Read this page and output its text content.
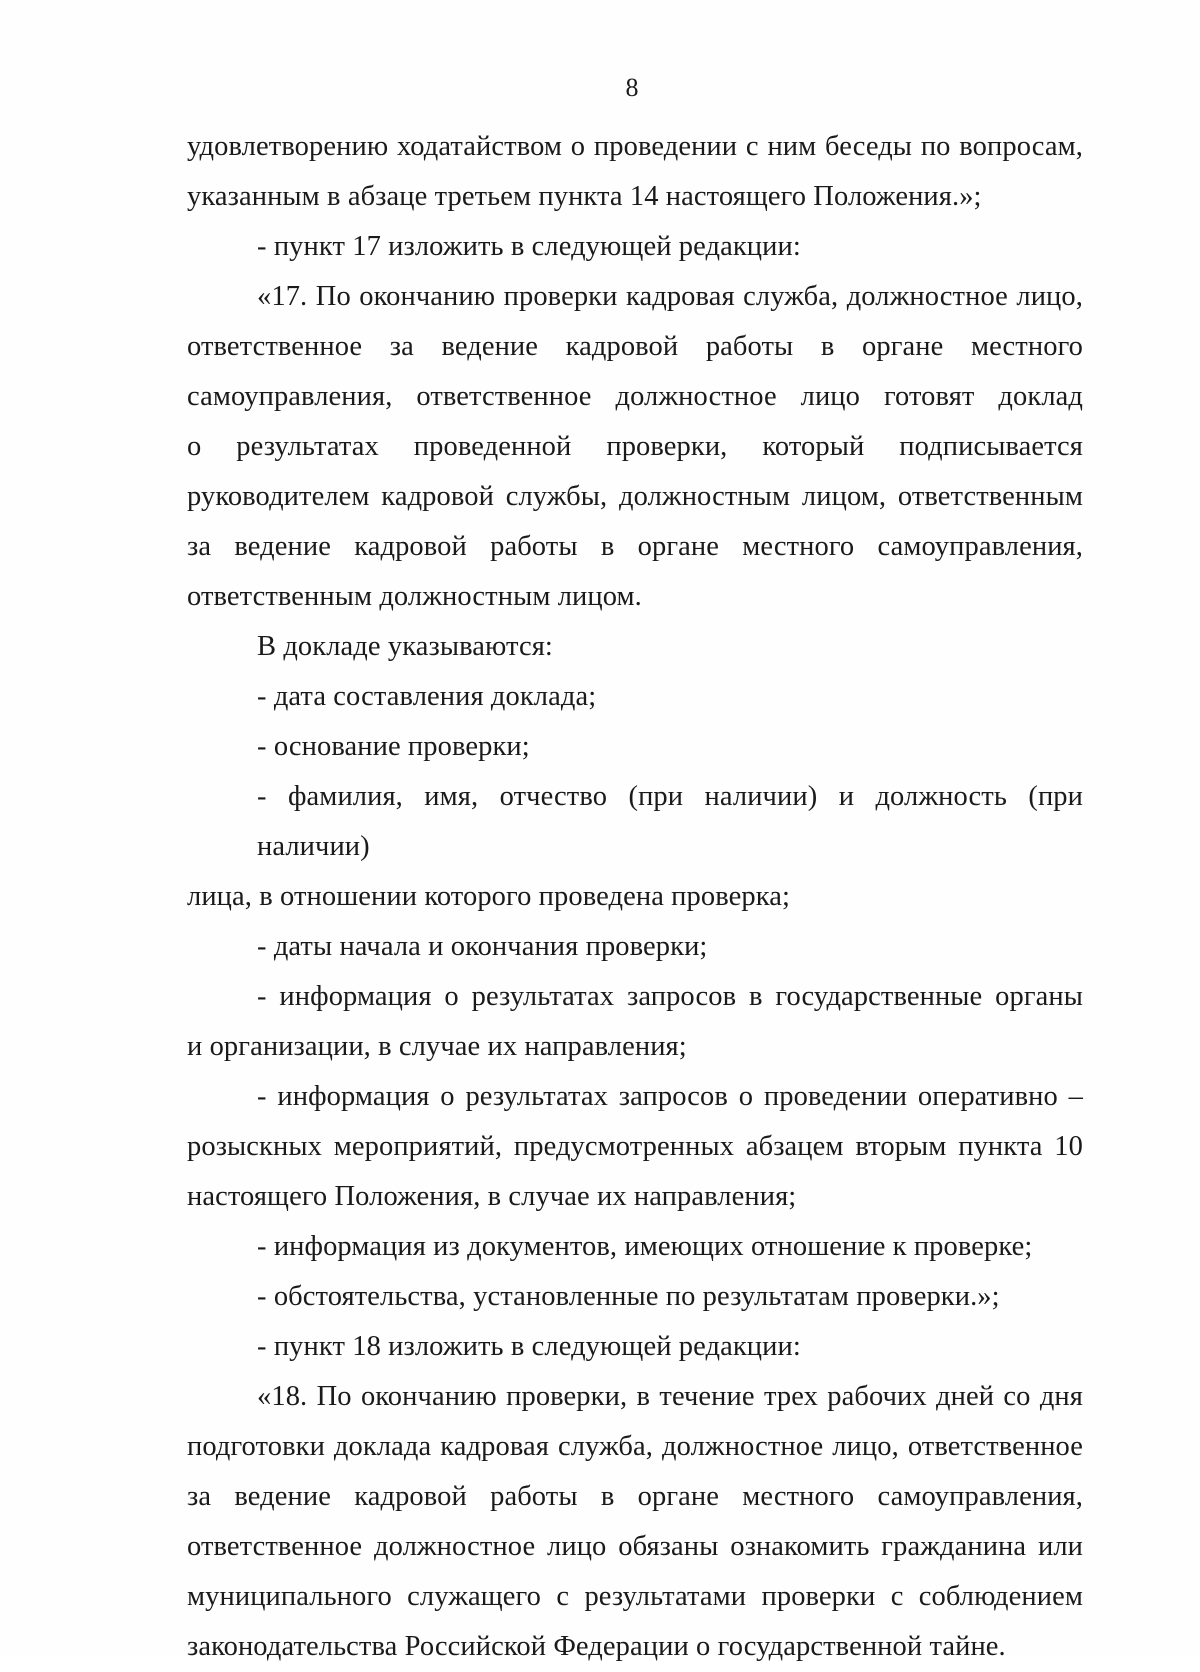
8
удовлетворению ходатайством о проведении с ним беседы по вопросам,
указанным в абзаце третьем пункта 14 настоящего Положения.»;
- пункт 17 изложить в следующей редакции:
«17. По окончанию проверки кадровая служба, должностное лицо,
ответственное за ведение кадровой работы в органе местного
самоуправления, ответственное должностное лицо готовят доклад
о результатах проведенной проверки, который подписывается
руководителем кадровой службы, должностным лицом, ответственным
за ведение кадровой работы в органе местного самоуправления,
ответственным должностным лицом.
В докладе указываются:
- дата составления доклада;
- основание проверки;
- фамилия, имя, отчество (при наличии) и должность (при наличии)
лица, в отношении которого проведена проверка;
- даты начала и окончания проверки;
- информация о результатах запросов в государственные органы
и организации, в случае их направления;
- информация о результатах запросов о проведении оперативно –
розыскных мероприятий, предусмотренных абзацем вторым пункта 10
настоящего Положения, в случае их направления;
- информация из документов, имеющих отношение к проверке;
- обстоятельства, установленные по результатам проверки.»;
- пункт 18 изложить в следующей редакции:
«18. По окончанию проверки, в течение трех рабочих дней со дня
подготовки доклада кадровая служба, должностное лицо, ответственное
за ведение кадровой работы в органе местного самоуправления,
ответственное должностное лицо обязаны ознакомить гражданина или
муниципального служащего с результатами проверки с соблюдением
законодательства Российской Федерации о государственной тайне.
